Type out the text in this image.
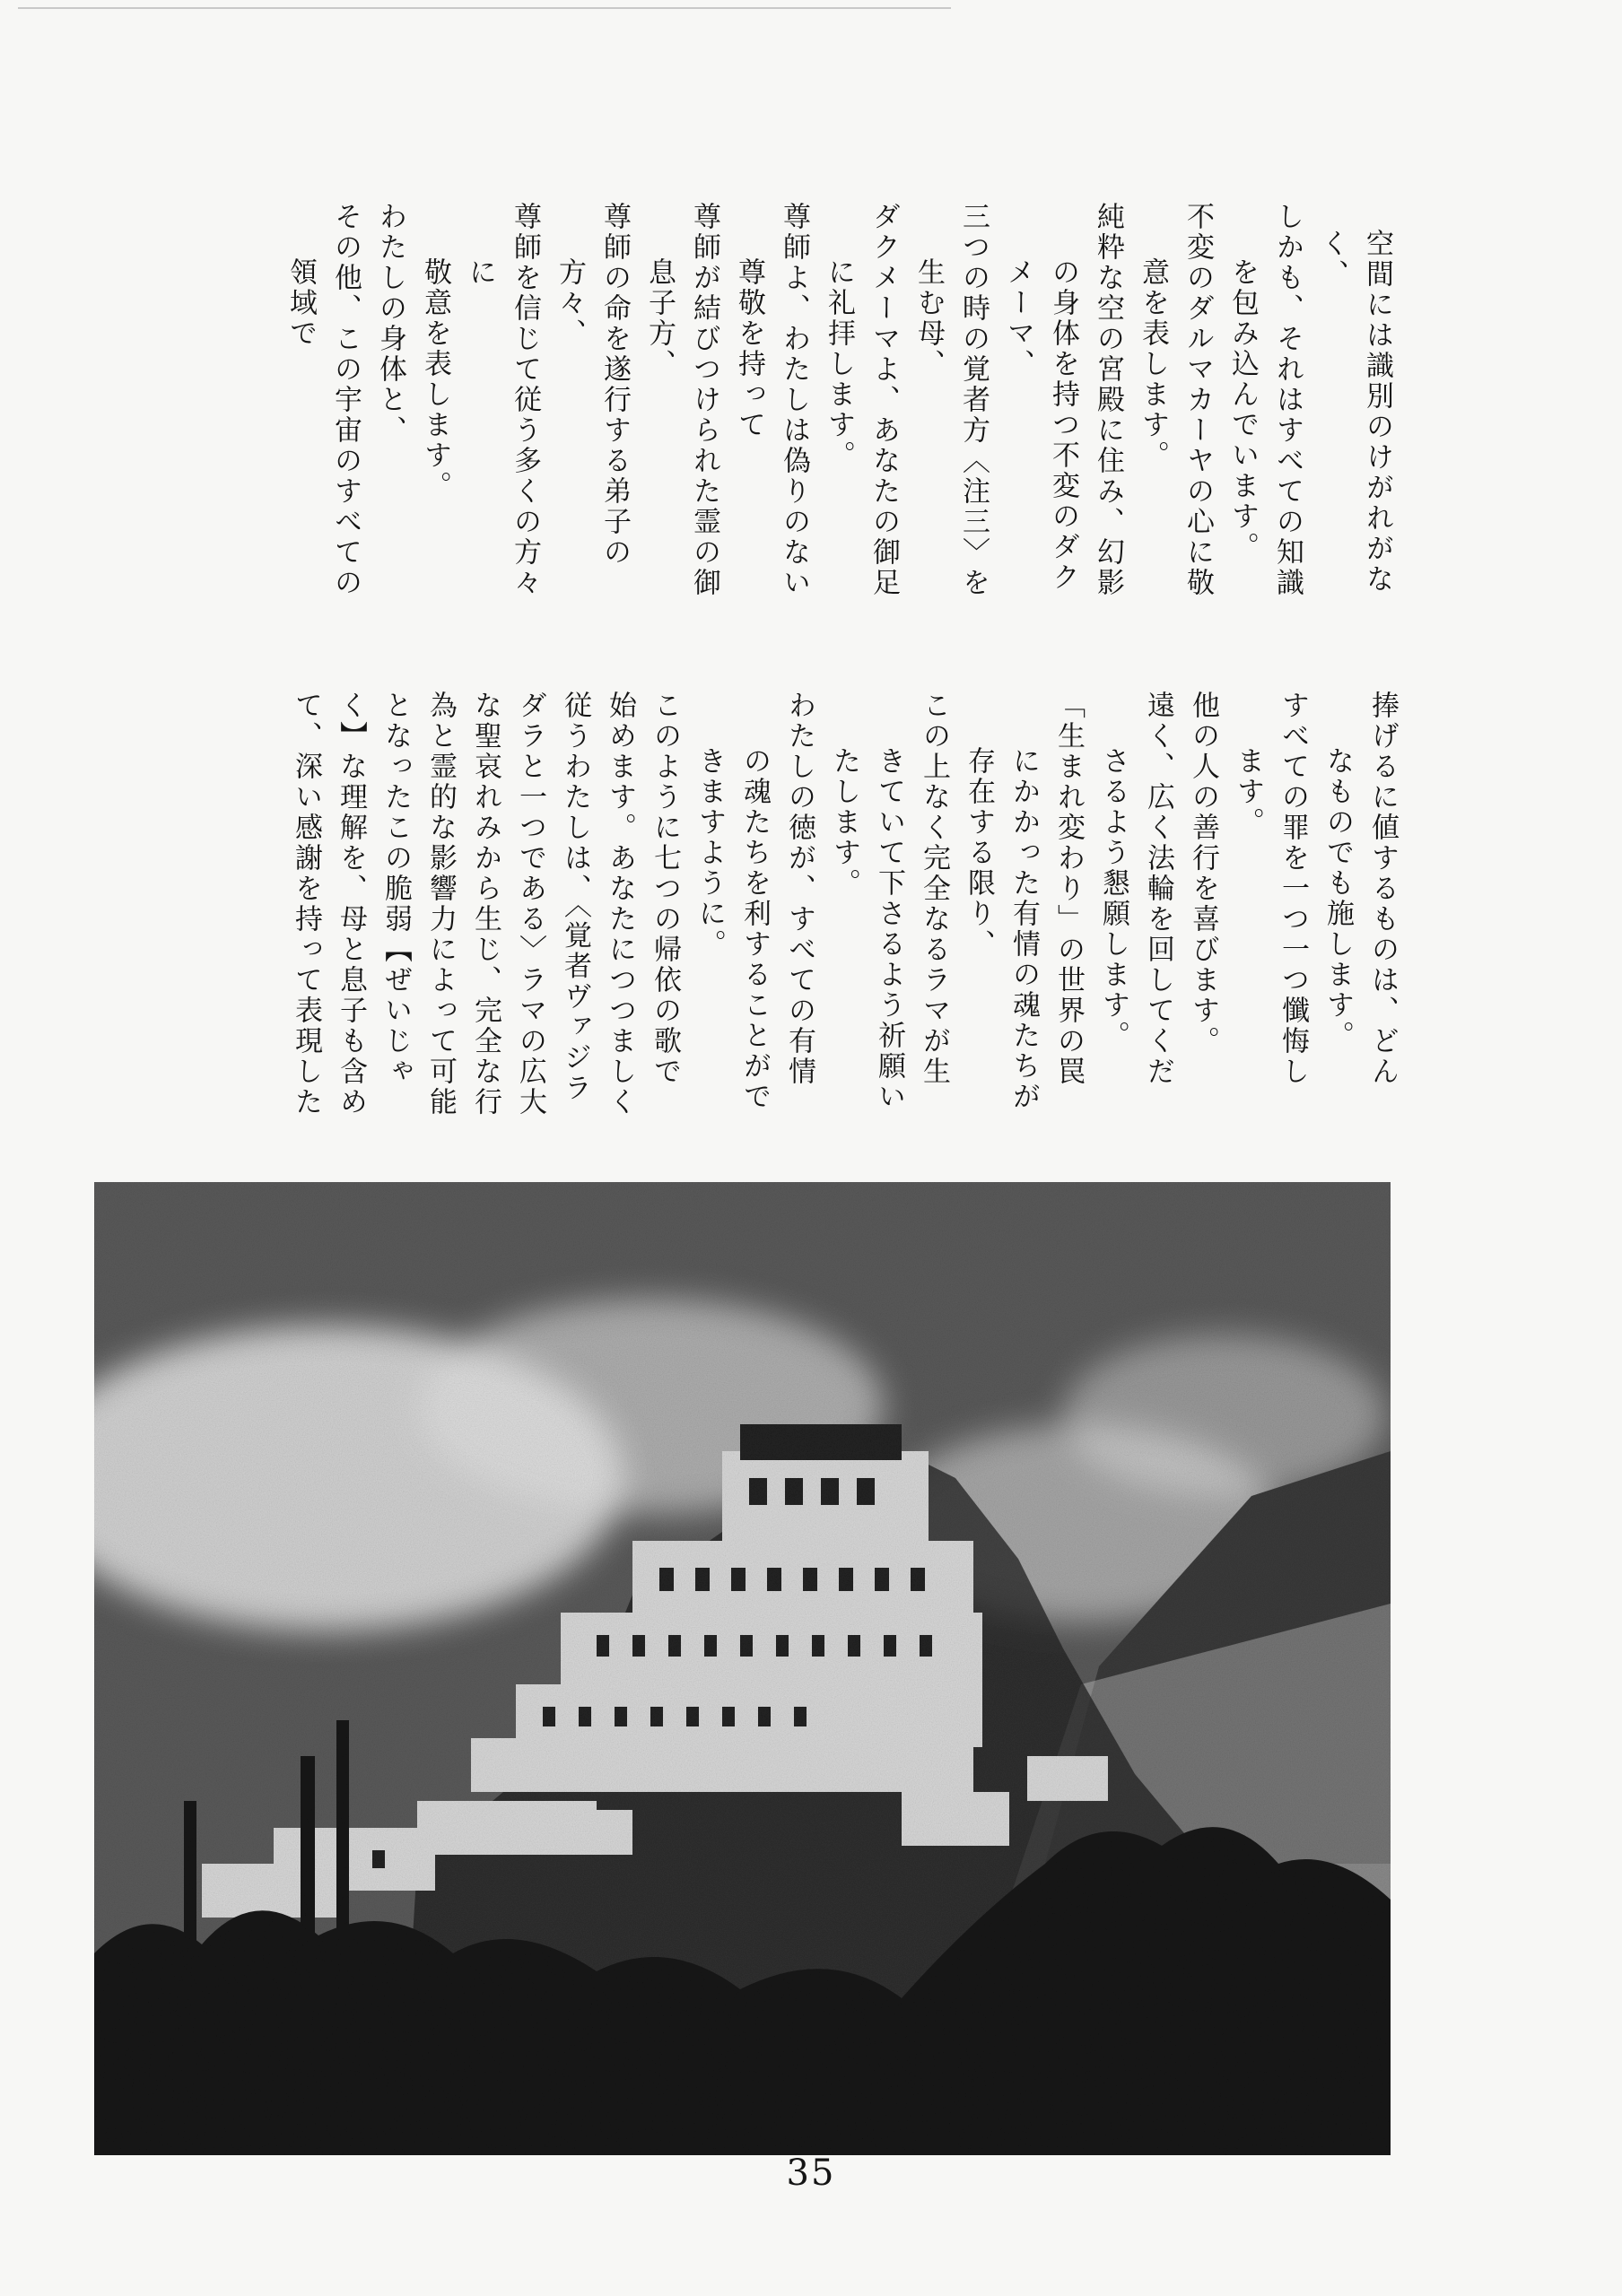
空間には識別のけがれがな
く、
しかも、それはすべての知識
を包み込んでいます。
不変のダルマカーヤの心に敬
意を表します。
純粋な空の宮殿に住み、幻影
の身体を持つ不変のダク
メーマ、
三つの時の覚者方〈注三〉を
生む母、
ダクメーマよ、あなたの御足
に礼拝します。
尊師よ、わたしは偽りのない
尊敬を持って
尊師が結びつけられた霊の御
息子方、
尊師の命を遂行する弟子の
方々、
尊師を信じて従う多くの方々
に
敬意を表します。
わたしの身体と、
その他、この宇宙のすべての
領域で
捧げるに値するものは、どん
なものでも施します。
すべての罪を一つ一つ懺悔し
ます。
他の人の善行を喜びます。
遠く、広く法輪を回してくだ
さるよう懇願します。
「生まれ変わり」の世界の罠
にかかった有情の魂たちが
存在する限り、
この上なく完全なるラマが生
きていて下さるよう祈願い
たします。
わたしの徳が、すべての有情
の魂たちを利することがで
きますように。
このように七つの帰依の歌で
始めます。あなたにつつましく
従うわたしは、〈覚者ヴァジラ
ダラと一つである〉ラマの広大
な聖哀れみから生じ、完全な行
為と霊的な影響力によって可能
となったこの脆弱【ぜいじゃ
く】な理解を、母と息子も含め
て、深い感謝を持って表現した
35
